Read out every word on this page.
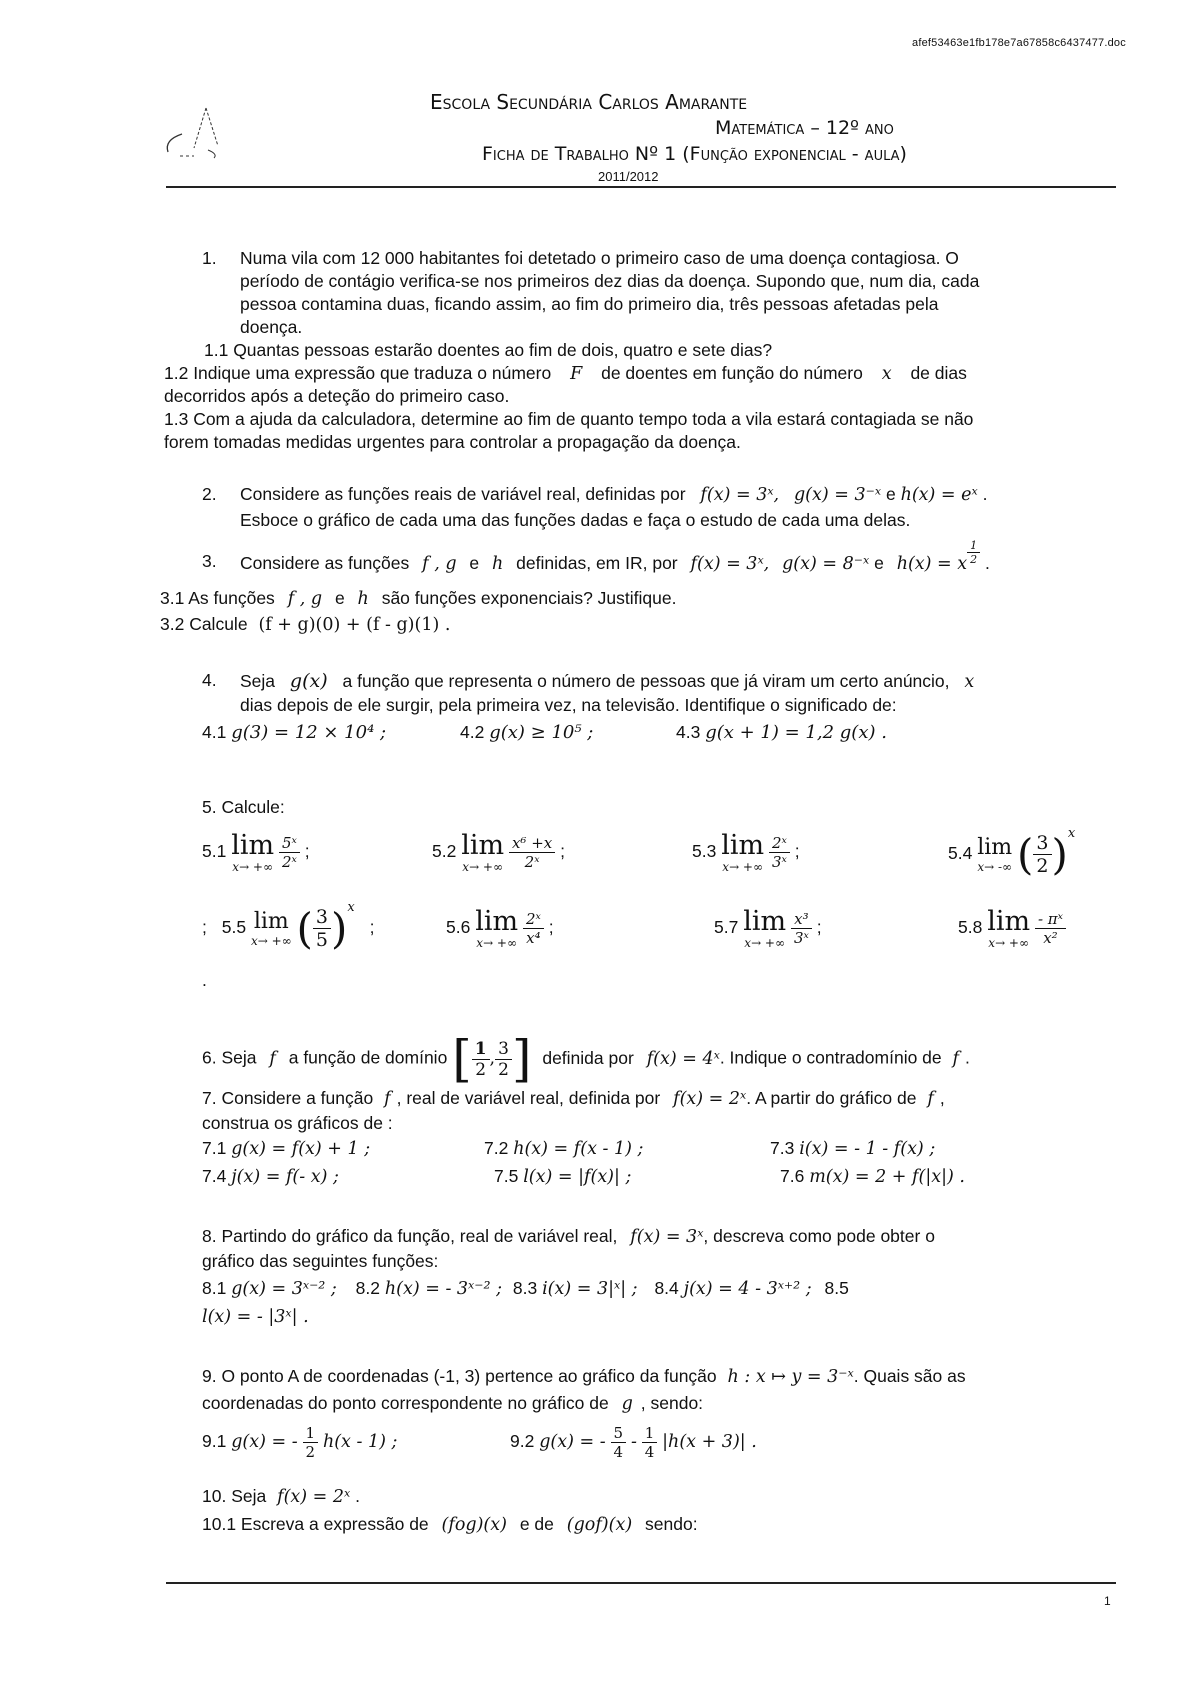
afef53463e1fb178e7a67858c6437477.doc
Escola Secundária Carlos Amarante
Matemática – 12º ano
Ficha de Trabalho Nº 1 (Função exponencial - aula)
2011/2012
1. Numa vila com 12 000 habitantes foi detetado o primeiro caso de uma doença contagiosa. O
período de contágio verifica-se nos primeiros dez dias da doença. Supondo que, num dia, cada
pessoa contamina duas, ficando assim, ao fim do primeiro dia, três pessoas afetadas pela
doença.
1.1 Quantas pessoas estarão doentes ao fim de dois, quatro e sete dias?
1.2 Indique uma expressão que traduza o número F de doentes em função do número x de dias
decorridos após a deteção do primeiro caso.
1.3 Com a ajuda da calculadora, determine ao fim de quanto tempo toda a vila estará contagiada se não
forem tomadas medidas urgentes para controlar a propagação da doença.
2. Considere as funções reais de variável real, definidas por f(x) = 3ˣ, g(x) = 3⁻ˣ e h(x) = eˣ .
Esboce o gráfico de cada uma das funções dadas e faça o estudo de cada uma delas.
3. Considere as funções f , g e h definidas, em IR, por f(x) = 3ˣ, g(x) = 8⁻ˣ e h(x) = x $\frac{1}{2}$ .
3.1 As funções f , g e h são funções exponenciais? Justifique.
3.2 Calcule (f + g)(0) + (f - g)(1) .
4. Seja g(x) a função que representa o número de pessoas que já viram um certo anúncio, x
dias depois de ele surgir, pela primeira vez, na televisão. Identifique o significado de:
4.1 g(3) = 12 × 10⁴ ;	4.2 g(x) ≥ 10⁵ ;	4.3 g(x + 1) = 1,2 g(x) .
5. Calcule:
5.1 lim
x→ +∞
$\frac{\text{5ˣ}}{\text{2ˣ}}$ ;	5.2 lim
x→ +∞
$\frac{\text{x⁶ +x}}{\text{2ˣ}}$ ;	5.3 lim
x→ +∞
$\frac{\text{2ˣ}}{\text{3ˣ}}$ ;	5.4 lim
x→ -∞ ( $\frac{3}{2} )^x$
; 5.5 lim
x→ +∞ ( $\frac{3}{5} )^x$ ;	5.6 lim
x→ +∞
$\frac{\text{2ˣ}}{\text{x⁴}}$ ;	5.7 lim
x→ +∞
$\frac{\text{x³}}{\text{3ˣ}}$ ;	5.8 lim
x→ +∞
$\frac{\text{- πˣ}}{\text{x²}}$
.
6. Seja f a função de domínio [ $\frac{1}{2}$ , $\frac{3}{2}$ ] definida por f(x) = 4ˣ. Indique o contradomínio de f .
7. Considere a função f , real de variável real, definida por f(x) = 2ˣ. A partir do gráfico de f ,
construa os gráficos de :
7.1 g(x) = f(x) + 1 ;	7.2 h(x) = f(x - 1) ;	7.3 i(x) = - 1 - f(x) ;
7.4 j(x) = f(- x) ;	7.5 l(x) = |f(x)| ;	7.6 m(x) = 2 + f(|x|) .
8. Partindo do gráfico da função, real de variável real, f(x) = 3ˣ, descreva como pode obter o
gráfico das seguintes funções:
8.1 g(x) = 3ˣ⁻² ; 8.2 h(x) = - 3ˣ⁻² ; 8.3 i(x) = 3|ˣ| ; 8.4 j(x) = 4 - 3ˣ⁺² ; 8.5
l(x) = - |3ˣ| .
9. O ponto A de coordenadas (-1, 3) pertence ao gráfico da função h : x ↦ y = 3⁻ˣ. Quais são as
coordenadas do ponto correspondente no gráfico de g , sendo:
9.1 g(x) = - $\frac{1}{2} h(x - 1)$ ;	9.2 g(x) = - $\frac{5}{4} - \frac{1}{4} |h(x + 3)|$ .
10. Seja f(x) = 2ˣ .
10.1 Escreva a expressão de (fog)(x) e de (gof)(x) sendo:
1
